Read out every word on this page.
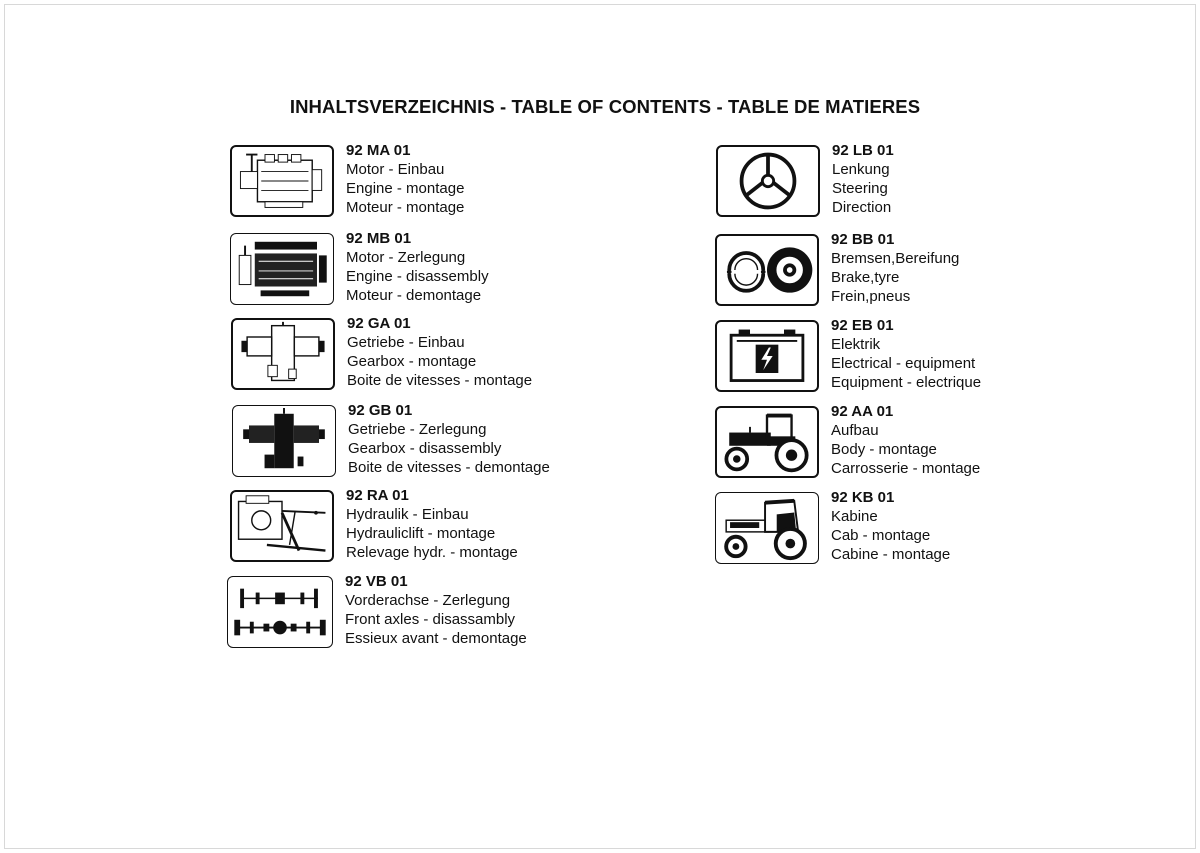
INHALTSVERZEICHNIS - TABLE OF CONTENTS - TABLE DE MATIERES
92 MA 01
Motor - Einbau
Engine - montage
Moteur - montage
92 MB 01
Motor - Zerlegung
Engine - disassembly
Moteur - demontage
92 GA 01
Getriebe - Einbau
Gearbox - montage
Boite de vitesses - montage
92 GB 01
Getriebe - Zerlegung
Gearbox - disassembly
Boite de vitesses - demontage
92 RA 01
Hydraulik - Einbau
Hydrauliclift - montage
Relevage hydr. - montage
92 VB 01
Vorderachse - Zerlegung
Front axles - disassambly
Essieux avant - demontage
92 LB 01
Lenkung
Steering
Direction
92 BB 01
Bremsen,Bereifung
Brake,tyre
Frein,pneus
92 EB 01
Elektrik
Electrical - equipment
Equipment - electrique
92 AA 01
Aufbau
Body - montage
Carrosserie - montage
92 KB 01
Kabine
Cab - montage
Cabine - montage
